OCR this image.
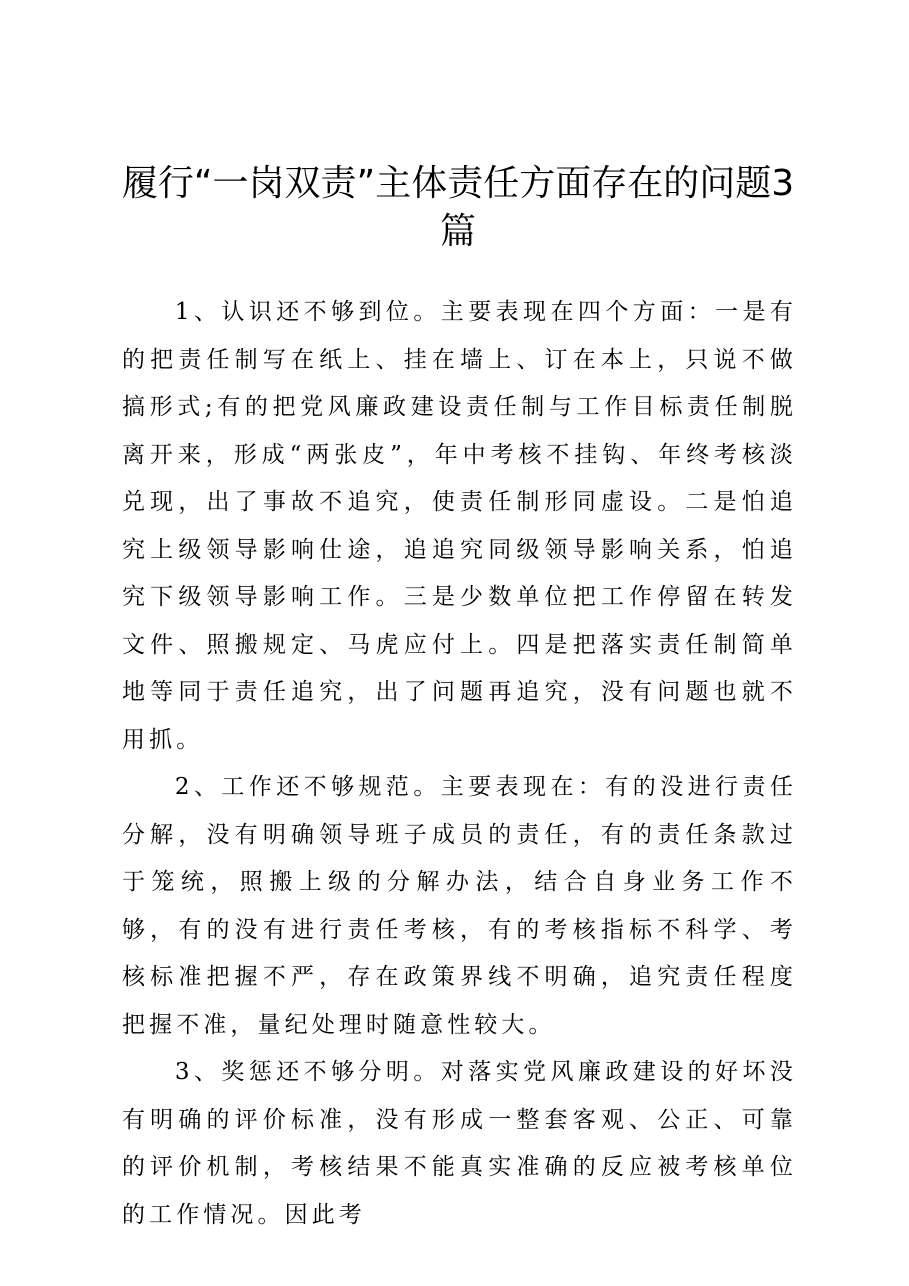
履行“一岗双责”主体责任方面存在的问题3篇

1、认识还不够到位。主要表现在四个方面：一是有的把责任制写在纸上、挂在墙上、订在本上，只说不做搞形式;有的把党风廉政建设责任制与工作目标责任制脱离开来，形成“两张皮”，年中考核不挂钩、年终考核淡兑现，出了事故不追究，使责任制形同虚设。二是怕追究上级领导影响仕途，追追究同级领导影响关系，怕追究下级领导影响工作。三是少数单位把工作停留在转发文件、照搬规定、马虎应付上。四是把落实责任制简单地等同于责任追究，出了问题再追究，没有问题也就不用抓。

2、工作还不够规范。主要表现在：有的没进行责任分解，没有明确领导班子成员的责任，有的责任条款过于笼统，照搬上级的分解办法，结合自身业务工作不够，有的没有进行责任考核，有的考核指标不科学、考核标准把握不严，存在政策界线不明确，追究责任程度把握不准，量纪处理时随意性较大。

3、奖惩还不够分明。对落实党风廉政建设的好坏没有明确的评价标准，没有形成一整套客观、公正、可靠的评价机制，考核结果不能真实准确的反应被考核单位的工作情况。因此考
